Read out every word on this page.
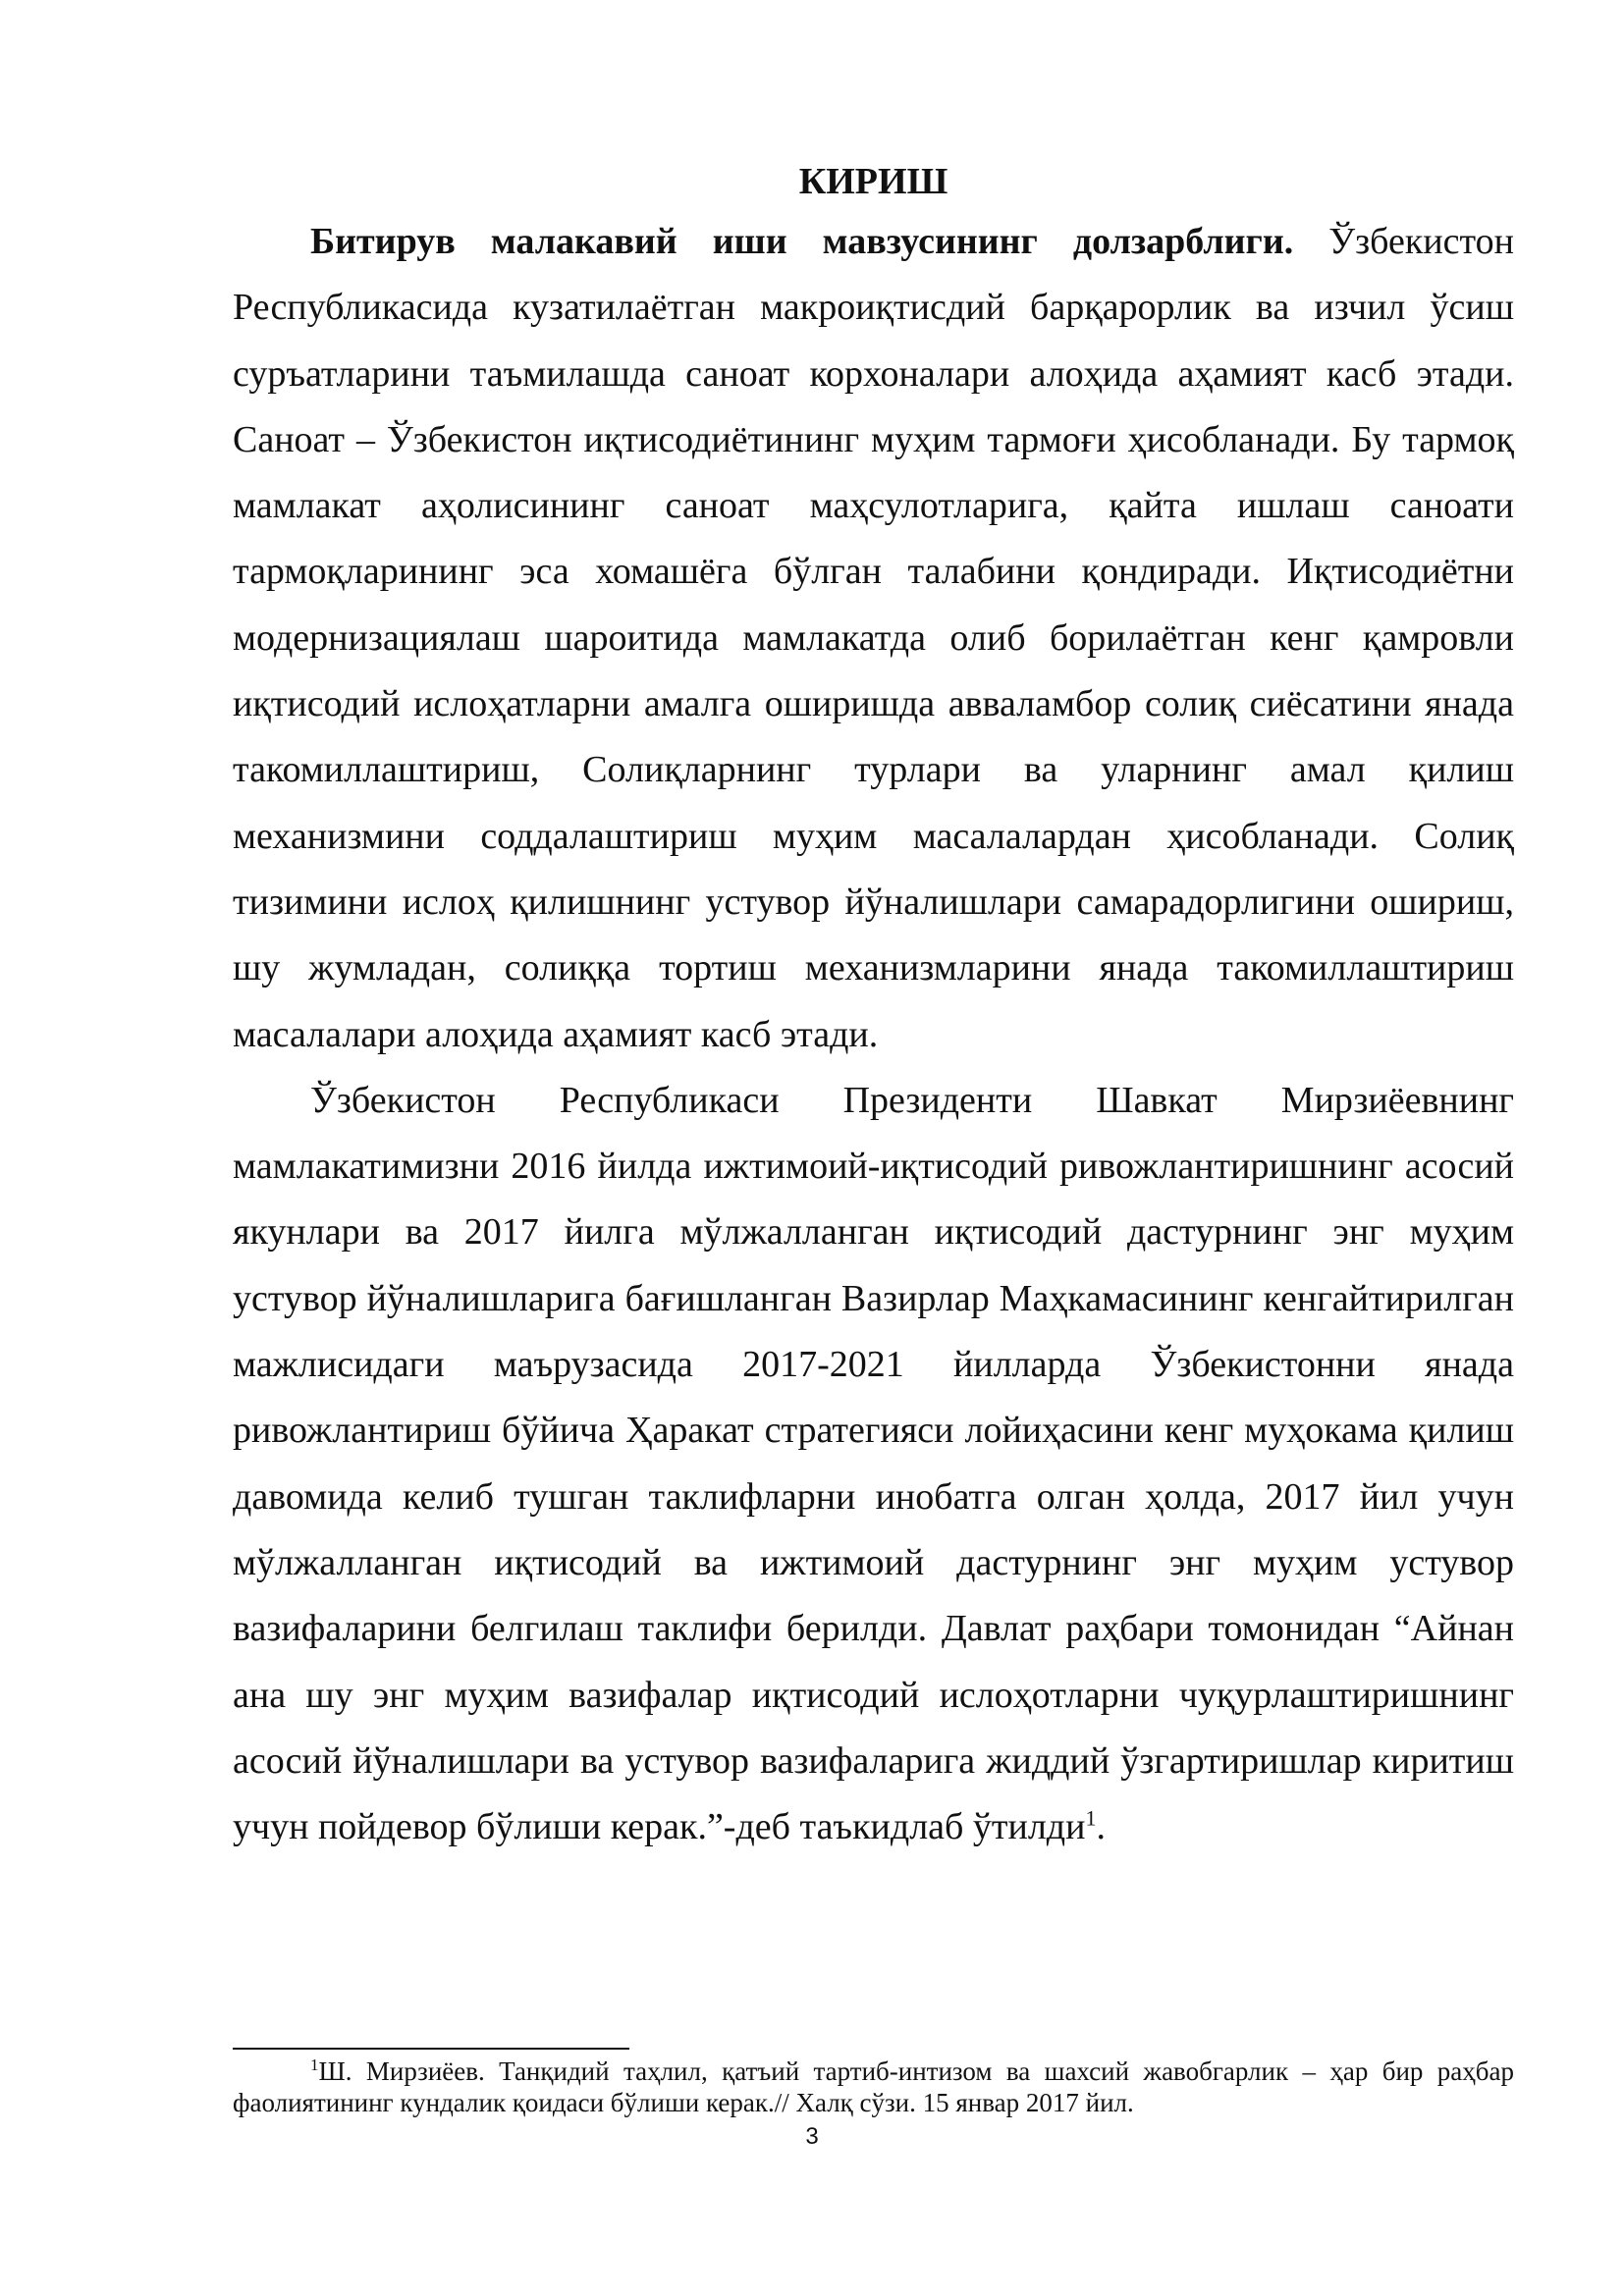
КИРИШ

Битирув малакавий иши мавзусининг долзарблиги. Ўзбекистон Республикасида кузатилаётган макроиқтисдий барқарорлик ва изчил ўсиш суръатларини таъмилашда саноат корхоналари алоҳида аҳамият касб этади. Саноат – Ўзбекистон иқтисодиётининг муҳим тармоғи ҳисобланади. Бу тармоқ мамлакат аҳолисининг саноат маҳсулотларига, қайта ишлаш саноати тармоқларининг эса хомашёга бўлган талабини қондиради. Иқтисодиётни модернизациялаш шароитида мамлакатда олиб борилаётган кенг қамровли иқтисодий ислоҳатларни амалга оширишда авваламбор солиқ сиёсатини янада такомиллаштириш, Солиқларнинг турлари ва уларнинг амал қилиш механизмини соддалаштириш муҳим масалалардан ҳисобланади. Солиқ тизимини ислоҳ қилишнинг устувор йўналишлари самарадорлигини ошириш, шу жумладан, солиққа тортиш механизмларини янада такомиллаштириш масалалари алоҳида аҳамият касб этади.

Ўзбекистон Республикаси Президенти Шавкат Мирзиёевнинг мамлакатимизни 2016 йилда ижтимоий-иқтисодий ривожлантиришнинг асосий якунлари ва 2017 йилга мўлжалланган иқтисодий дастурнинг энг муҳим устувор йўналишларига бағишланган Вазирлар Маҳкамасининг кенгайтирилган мажлисидаги маърузасида 2017-2021 йилларда Ўзбекистонни янада ривожлантириш бўйича Ҳаракат стратегияси лойиҳасини кенг муҳокама қилиш давомида келиб тушган таклифларни инобатга олган ҳолда, 2017 йил учун мўлжалланган иқтисодий ва ижтимоий дастурнинг энг муҳим устувор вазифаларини белгилаш таклифи берилди. Давлат раҳбари томонидан “Айнан ана шу энг муҳим вазифалар иқтисодий ислоҳотларни чуқурлаштиришнинг асосий йўналишлари ва устувор вазифаларига жиддий ўзгартиришлар киритиш учун пойдевор бўлиши керак.”-деб таъкидлаб ўтилди$^1$.

$^1$Ш. Мирзиёев. Танқидий таҳлил, қатъий тартиб-интизом ва шахсий жавобгарлик – ҳар бир раҳбар фаолиятининг кундалик қоидаси бўлиши керак.// Халқ сўзи. 15 январ 2017 йил.

3
